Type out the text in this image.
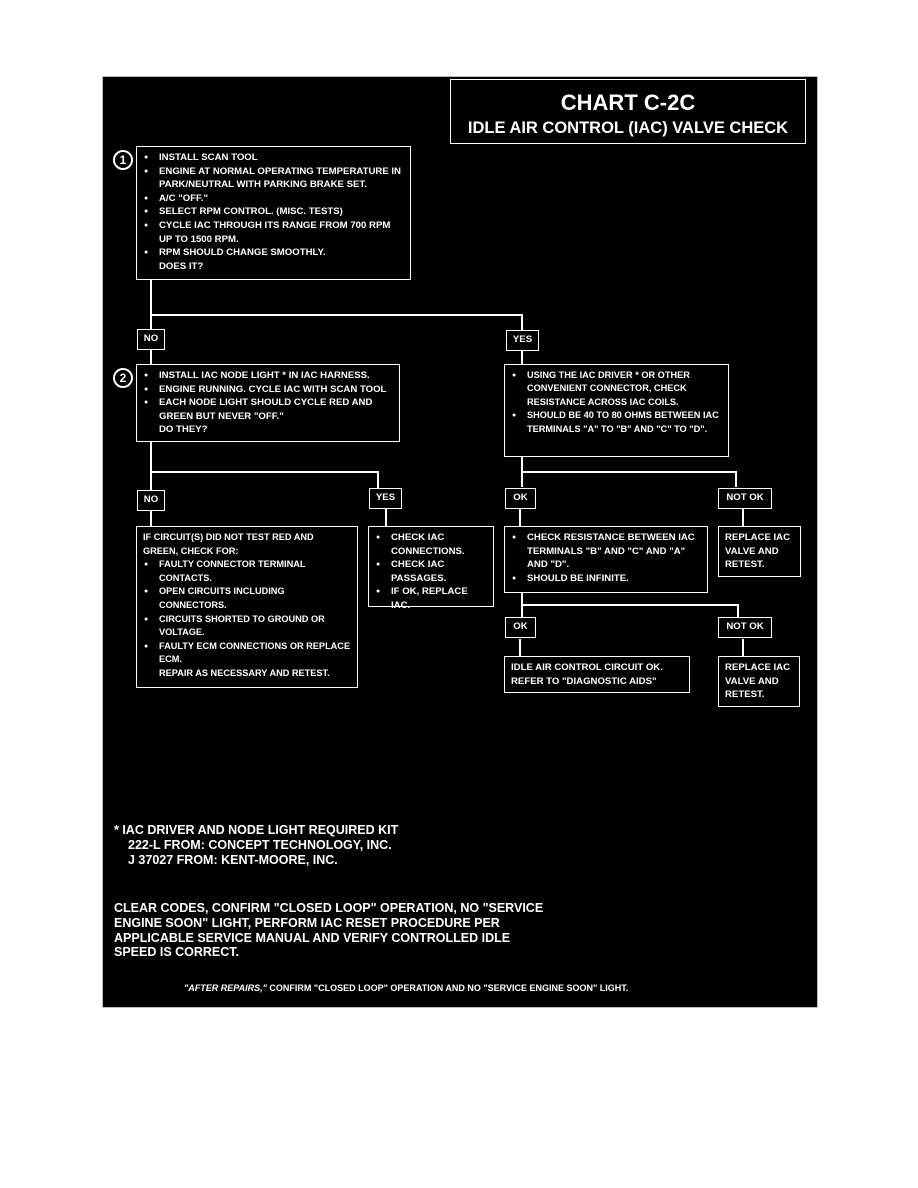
CHART C-2C
IDLE AIR CONTROL (IAC) VALVE CHECK
1
2
● INSTALL SCAN TOOL
● ENGINE AT NORMAL OPERATING TEMPERATURE IN PARK/NEUTRAL WITH PARKING BRAKE SET.
● A/C "OFF."
● SELECT RPM CONTROL. (MISC. TESTS)
● CYCLE IAC THROUGH ITS RANGE FROM 700 RPM UP TO 1500 RPM.
● RPM SHOULD CHANGE SMOOTHLY.
DOES IT?
NO	YES
● INSTALL IAC NODE LIGHT * IN IAC HARNESS.
● ENGINE RUNNING. CYCLE IAC WITH SCAN TOOL
● EACH NODE LIGHT SHOULD CYCLE RED AND GREEN BUT NEVER "OFF."
DO THEY?
● USING THE IAC DRIVER * OR OTHER CONVENIENT CONNECTOR, CHECK RESISTANCE ACROSS IAC COILS.
● SHOULD BE 40 TO 80 OHMS BETWEEN IAC TERMINALS "A" TO "B" AND "C" TO "D".
NO	YES	OK	NOT OK
IF CIRCUIT(S) DID NOT TEST RED AND GREEN, CHECK FOR:
● FAULTY CONNECTOR TERMINAL CONTACTS.
● OPEN CIRCUITS INCLUDING CONNECTORS.
● CIRCUITS SHORTED TO GROUND OR VOLTAGE.
● FAULTY ECM CONNECTIONS OR REPLACE ECM.
REPAIR AS NECESSARY AND RETEST.
● CHECK IAC CONNECTIONS.
● CHECK IAC PASSAGES.
● IF OK, REPLACE IAC.
● CHECK RESISTANCE BETWEEN IAC TERMINALS "B" AND "C" AND "A" AND "D".
● SHOULD BE INFINITE.
REPLACE IAC VALVE AND RETEST.
OK	NOT OK
IDLE AIR CONTROL CIRCUIT OK. REFER TO "DIAGNOSTIC AIDS"
REPLACE IAC VALVE AND RETEST.
* IAC DRIVER AND NODE LIGHT REQUIRED KIT
222-L FROM: CONCEPT TECHNOLOGY, INC.
J 37027 FROM: KENT-MOORE, INC.
CLEAR CODES, CONFIRM "CLOSED LOOP" OPERATION, NO "SERVICE ENGINE SOON" LIGHT, PERFORM IAC RESET PROCEDURE PER APPLICABLE SERVICE MANUAL AND VERIFY CONTROLLED IDLE SPEED IS CORRECT.
"AFTER REPAIRS," CONFIRM "CLOSED LOOP" OPERATION AND NO "SERVICE ENGINE SOON" LIGHT.
